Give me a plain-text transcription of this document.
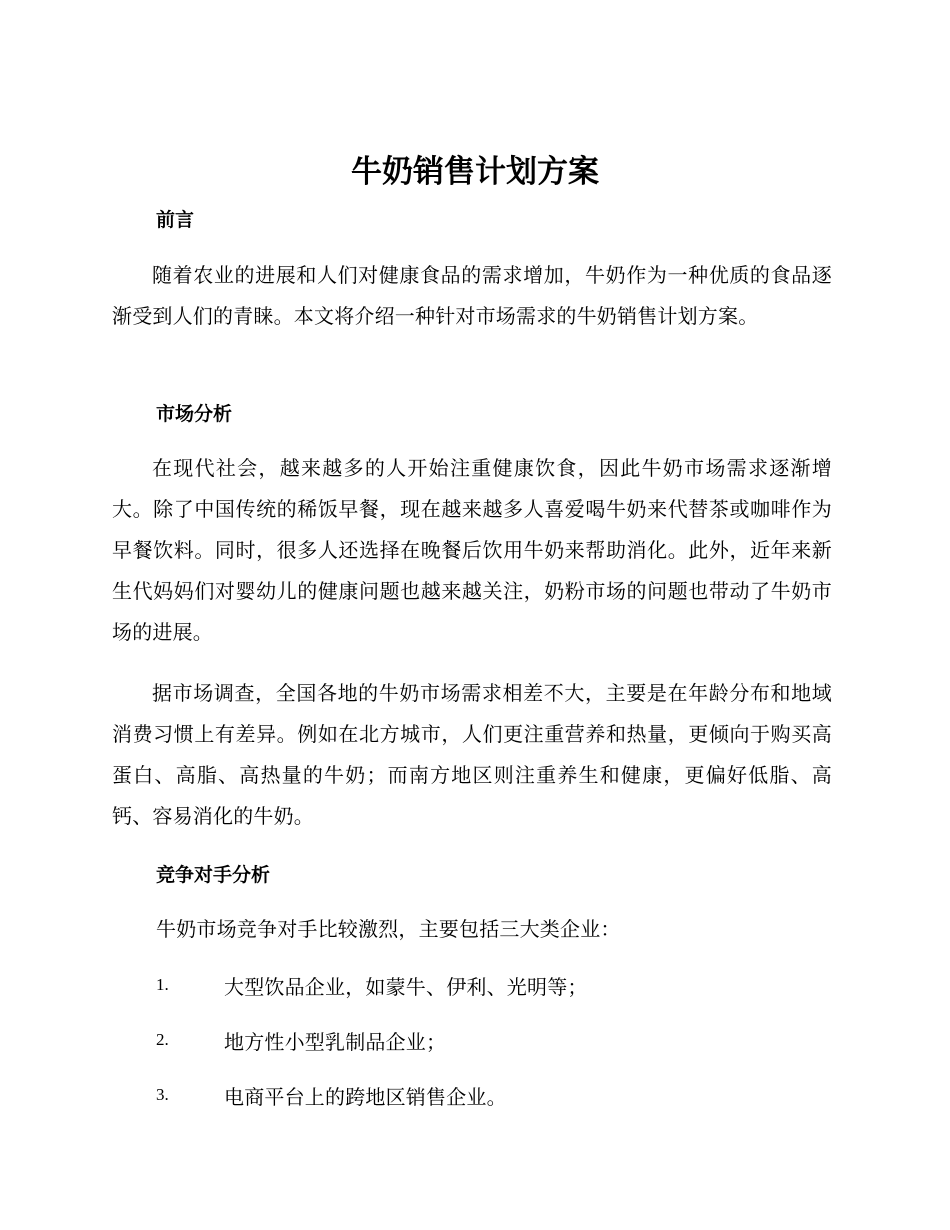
牛奶销售计划方案
前言

随着农业的进展和人们对健康食品的需求增加，牛奶作为一种优质的食品逐渐受到人们的青睐。本文将介绍一种针对市场需求的牛奶销售计划方案。

市场分析

在现代社会，越来越多的人开始注重健康饮食，因此牛奶市场需求逐渐增大。除了中国传统的稀饭早餐，现在越来越多人喜爱喝牛奶来代替茶或咖啡作为早餐饮料。同时，很多人还选择在晚餐后饮用牛奶来帮助消化。此外，近年来新生代妈妈们对婴幼儿的健康问题也越来越关注，奶粉市场的问题也带动了牛奶市场的进展。

据市场调查，全国各地的牛奶市场需求相差不大，主要是在年龄分布和地域消费习惯上有差异。例如在北方城市，人们更注重营养和热量，更倾向于购买高蛋白、高脂、高热量的牛奶；而南方地区则注重养生和健康，更偏好低脂、高钙、容易消化的牛奶。

竞争对手分析

牛奶市场竞争对手比较激烈，主要包括三大类企业：

1.	大型饮品企业，如蒙牛、伊利、光明等；
2.	地方性小型乳制品企业；
3.	电商平台上的跨地区销售企业。
